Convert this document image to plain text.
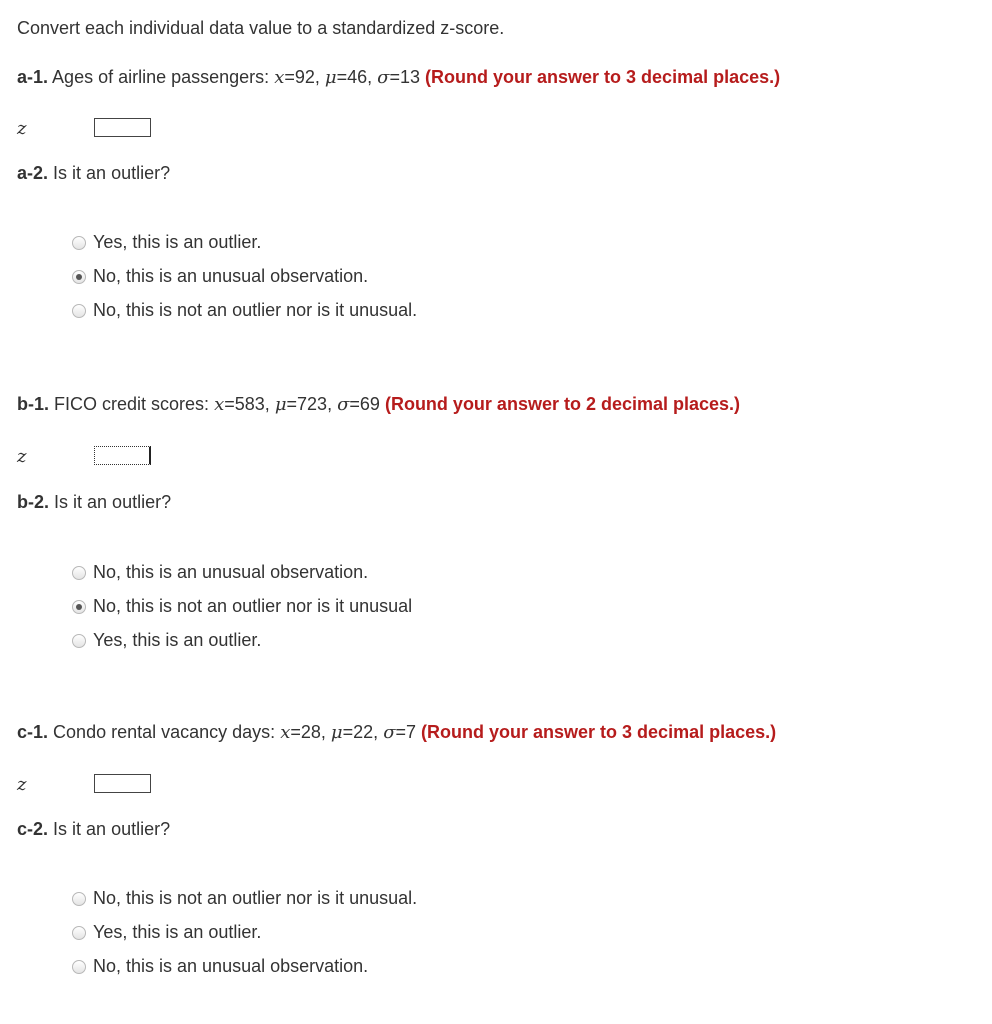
Convert each individual data value to a standardized z-score.
a-1. Ages of airline passengers: x=92, μ=46, σ=13 (Round your answer to 3 decimal places.)
z
a-2. Is it an outlier?
Yes, this is an outlier.
No, this is an unusual observation.
No, this is not an outlier nor is it unusual.
b-1. FICO credit scores: x=583, μ=723, σ=69 (Round your answer to 2 decimal places.)
z
b-2. Is it an outlier?
No, this is an unusual observation.
No, this is not an outlier nor is it unusual
Yes, this is an outlier.
c-1. Condo rental vacancy days: x=28, μ=22, σ=7 (Round your answer to 3 decimal places.)
z
c-2. Is it an outlier?
No, this is not an outlier nor is it unusual.
Yes, this is an outlier.
No, this is an unusual observation.
